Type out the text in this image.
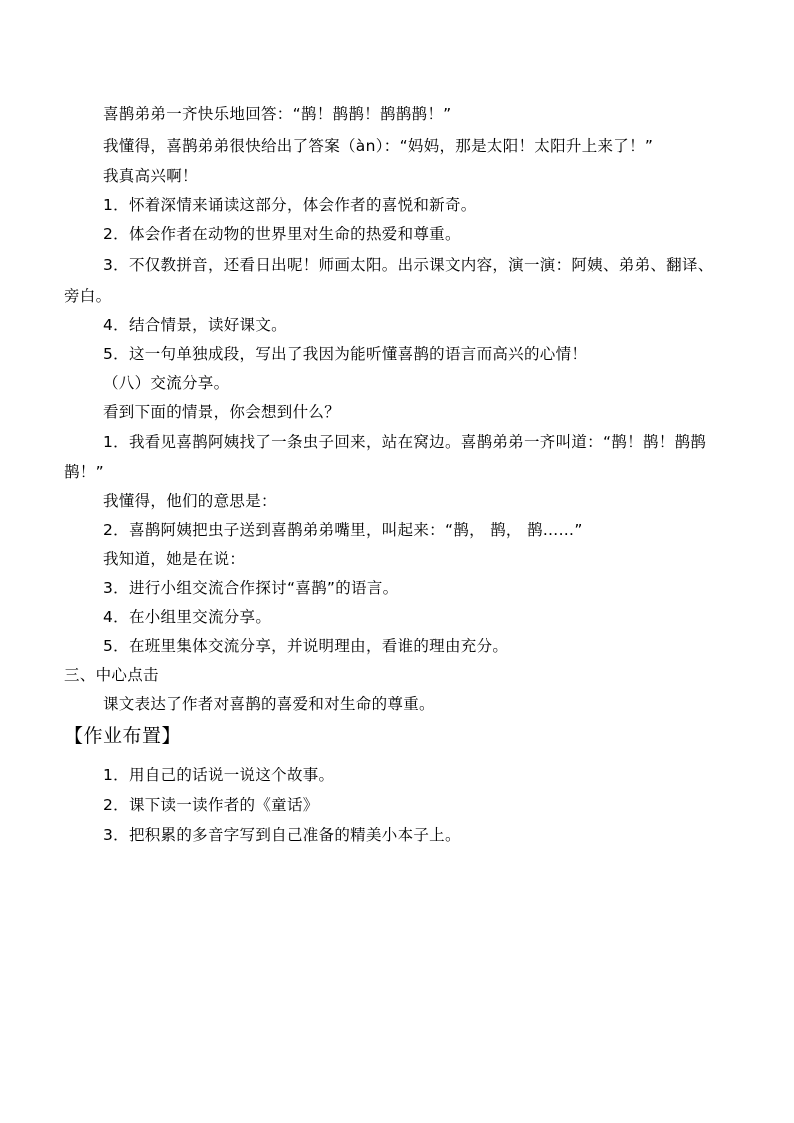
喜鹊弟弟一齐快乐地回答：“鹊！鹊鹊！鹊鹊鹊！”
我懂得，喜鹊弟弟很快给出了答案（àn）：“妈妈，那是太阳！太阳升上来了！”
我真高兴啊！
1．怀着深情来诵读这部分，体会作者的喜悦和新奇。
2．体会作者在动物的世界里对生命的热爱和尊重。
3．不仅教拼音，还看日出呢！师画太阳。出示课文内容，演一演：阿姨、弟弟、翻译、
旁白。
4．结合情景，读好课文。
5．这一句单独成段，写出了我因为能听懂喜鹊的语言而高兴的心情！
（八）交流分享。
看到下面的情景，你会想到什么？
1．我看见喜鹊阿姨找了一条虫子回来，站在窝边。喜鹊弟弟一齐叫道：“鹊！鹊！鹊鹊
鹊！”
我懂得，他们的意思是：
2．喜鹊阿姨把虫子送到喜鹊弟弟嘴里，叫起来：“鹊， 鹊， 鹊……”
我知道，她是在说：
3．进行小组交流合作探讨“喜鹊”的语言。
4．在小组里交流分享。
5．在班里集体交流分享，并说明理由，看谁的理由充分。
三、中心点击
课文表达了作者对喜鹊的喜爱和对生命的尊重。
【作业布置】
1．用自己的话说一说这个故事。
2．课下读一读作者的《童话》
3．把积累的多音字写到自己准备的精美小本子上。
